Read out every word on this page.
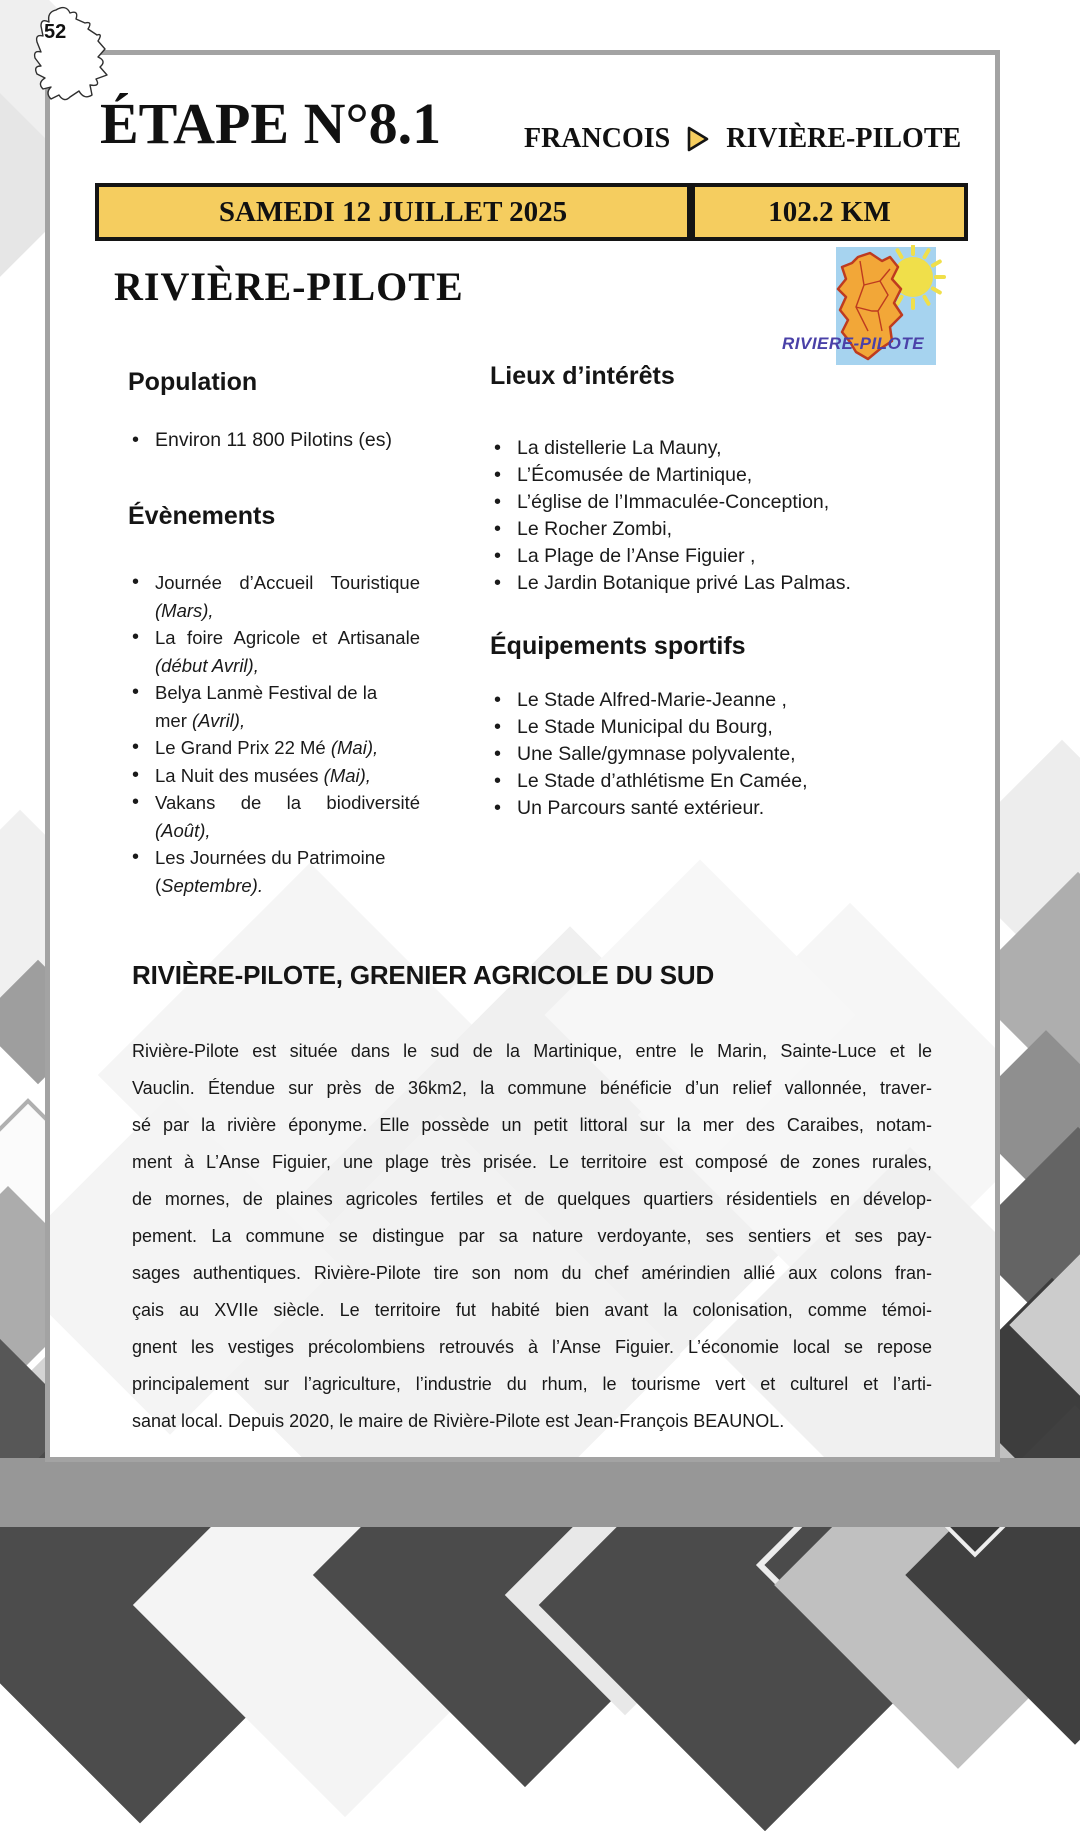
ÉTAPE N°8.1	FRANCOIS RIVIÈRE-PILOTE
SAMEDI 12 JUILLET 2025	102.2 KM
RIVIÈRE-PILOTE
RIVIERE-PILOTE
Population
• Environ 11 800 Pilotins (es)
Évènements
• Journée d’Accueil Touristique
(Mars),
• La foire Agricole et Artisanale
(début Avril),
• Belya Lanmè Festival de la
mer (Avril),
• Le Grand Prix 22 Mé (Mai),
• La Nuit des musées (Mai),
• Vakans de la biodiversité
(Août),
• Les Journées du Patrimoine
(Septembre).
Lieux d’intérêts
• La distellerie La Mauny,
• L’Écomusée de Martinique,
• L’église de l’Immaculée-Conception,
• Le Rocher Zombi,
• La Plage de l’Anse Figuier ,
• Le Jardin Botanique privé Las Palmas.
Équipements sportifs
• Le Stade Alfred-Marie-Jeanne ,
• Le Stade Municipal du Bourg,
• Une Salle/gymnase polyvalente,
• Le Stade d’athlétisme En Camée,
• Un Parcours santé extérieur.
RIVIÈRE-PILOTE, GRENIER AGRICOLE DU SUD
Rivière-Pilote est située dans le sud de la Martinique, entre le Marin, Sainte-Luce et le
Vauclin. Étendue sur près de 36km2, la commune bénéficie d’un relief vallonnée, traver-
sé par la rivière éponyme. Elle possède un petit littoral sur la mer des Caraibes, notam-
ment à L’Anse Figuier, une plage très prisée. Le territoire est composé de zones rurales,
de mornes, de plaines agricoles fertiles et de quelques quartiers résidentiels en dévelop-
pement. La commune se distingue par sa nature verdoyante, ses sentiers et ses pay-
sages authentiques. Rivière-Pilote tire son nom du chef amérindien allié aux colons fran-
çais au XVIIe siècle. Le territoire fut habité bien avant la colonisation, comme témoi-
gnent les vestiges précolombiens retrouvés à l’Anse Figuier. L’économie local se repose
principalement sur l’agriculture, l’industrie du rhum, le tourisme vert et culturel et l’arti-
sanat local. Depuis 2020, le maire de Rivière-Pilote est Jean-François BEAUNOL.
52
